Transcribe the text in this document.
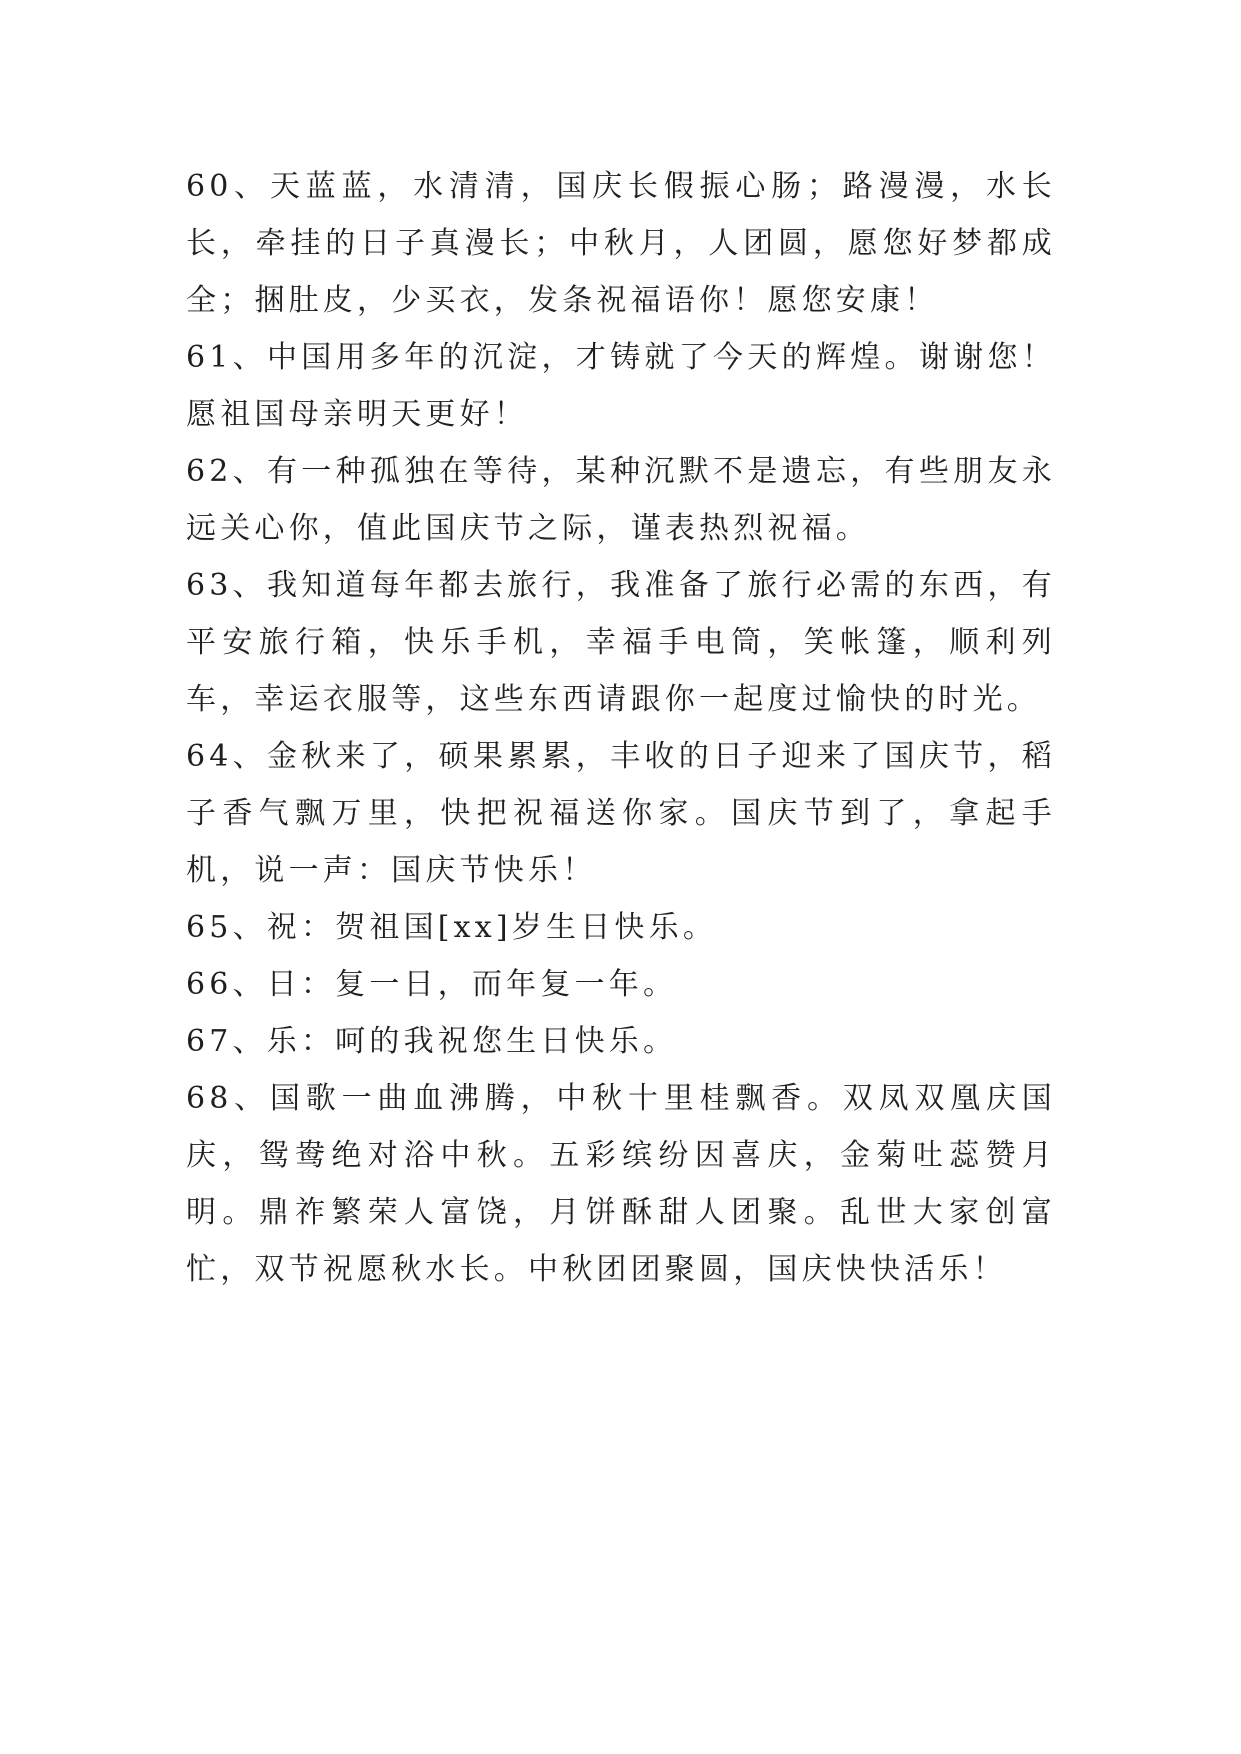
60、天蓝蓝，水清清，国庆长假振心肠；路漫漫，水长长，牵挂的日子真漫长；中秋月，人团圆，愿您好梦都成全；捆肚皮，少买衣，发条祝福语你！愿您安康！

61、中国用多年的沉淀，才铸就了今天的辉煌。谢谢您！愿祖国母亲明天更好！

62、有一种孤独在等待，某种沉默不是遗忘，有些朋友永远关心你，值此国庆节之际，谨表热烈祝福。

63、我知道每年都去旅行，我准备了旅行必需的东西，有平安旅行箱，快乐手机，幸福手电筒，笑帐篷，顺利列车，幸运衣服等，这些东西请跟你一起度过愉快的时光。

64、金秋来了，硕果累累，丰收的日子迎来了国庆节，稻子香气飘万里，快把祝福送你家。国庆节到了，拿起手机，说一声：国庆节快乐！

65、祝：贺祖国[xx]岁生日快乐。

66、日：复一日，而年复一年。

67、乐：呵的我祝您生日快乐。

68、国歌一曲血沸腾，中秋十里桂飘香。双凤双凰庆国庆，鸳鸯绝对浴中秋。五彩缤纷因喜庆，金菊吐蕊赞月明。鼎祚繁荣人富饶，月饼酥甜人团聚。乱世大家创富忙，双节祝愿秋水长。中秋团团聚圆，国庆快快活乐！
